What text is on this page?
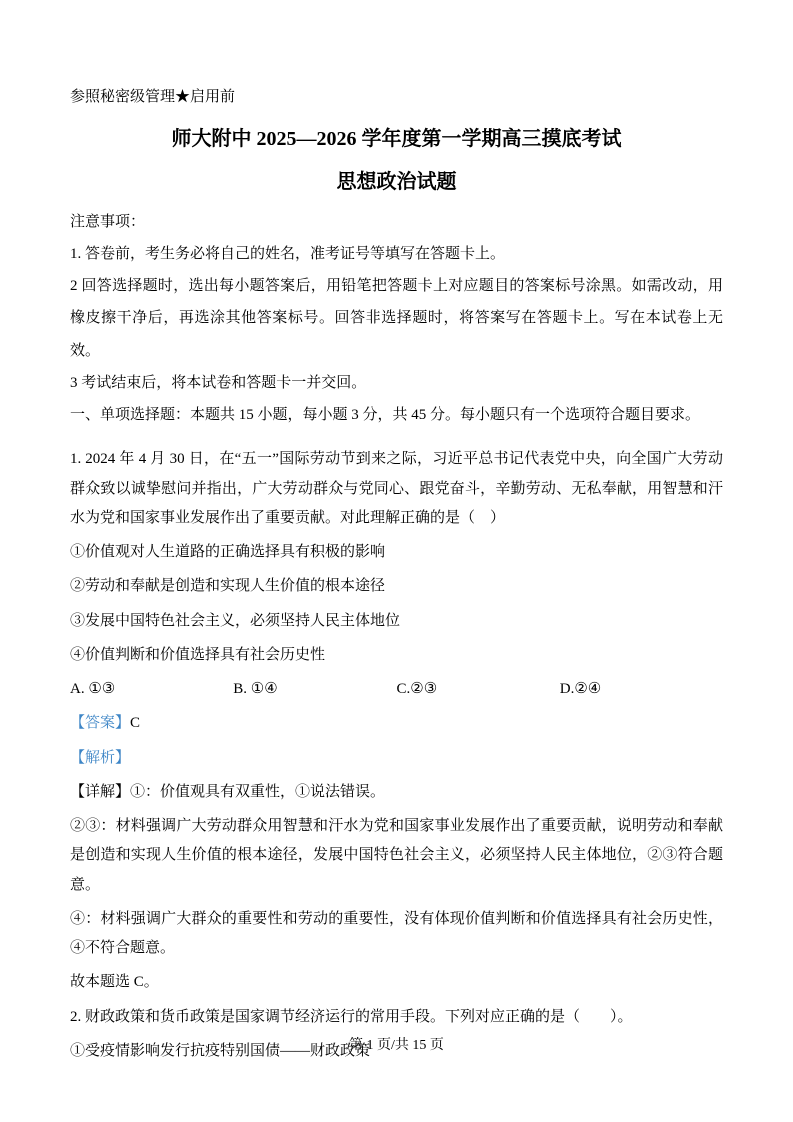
参照秘密级管理★启用前

师大附中 2025—2026 学年度第一学期高三摸底考试
思想政治试题

注意事项：

1. 答卷前，考生务必将自己的姓名，准考证号等填写在答题卡上。

2 回答选择题时，选出每小题答案后，用铅笔把答题卡上对应题目的答案标号涂黑。如需改动，用橡皮擦干净后，再选涂其他答案标号。回答非选择题时，将答案写在答题卡上。写在本试卷上无效。

3 考试结束后，将本试卷和答题卡一并交回。

一、单项选择题：本题共 15 小题，每小题 3 分，共 45 分。每小题只有一个选项符合题目要求。

1. 2024 年 4 月 30 日，在“五一”国际劳动节到来之际，习近平总书记代表党中央，向全国广大劳动群众致以诚挚慰问并指出，广大劳动群众与党同心、跟党奋斗，辛勤劳动、无私奉献，用智慧和汗水为党和国家事业发展作出了重要贡献。对此理解正确的是（　）

①价值观对人生道路的正确选择具有积极的影响

②劳动和奉献是创造和实现人生价值的根本途径

③发展中国特色社会主义，必须坚持人民主体地位

④价值判断和价值选择具有社会历史性

A. ①③	B. ①④	C.②③	D.②④

【答案】C

【解析】

【详解】①：价值观具有双重性，①说法错误。

②③：材料强调广大劳动群众用智慧和汗水为党和国家事业发展作出了重要贡献，说明劳动和奉献是创造和实现人生价值的根本途径，发展中国特色社会主义，必须坚持人民主体地位，②③符合题意。

④：材料强调广大群众的重要性和劳动的重要性，没有体现价值判断和价值选择具有社会历史性，④不符合题意。

故本题选 C。

2. 财政政策和货币政策是国家调节经济运行的常用手段。下列对应正确的是（　　）。

①受疫情影响发行抗疫特别国债——财政政策

第 1 页/共 15 页
